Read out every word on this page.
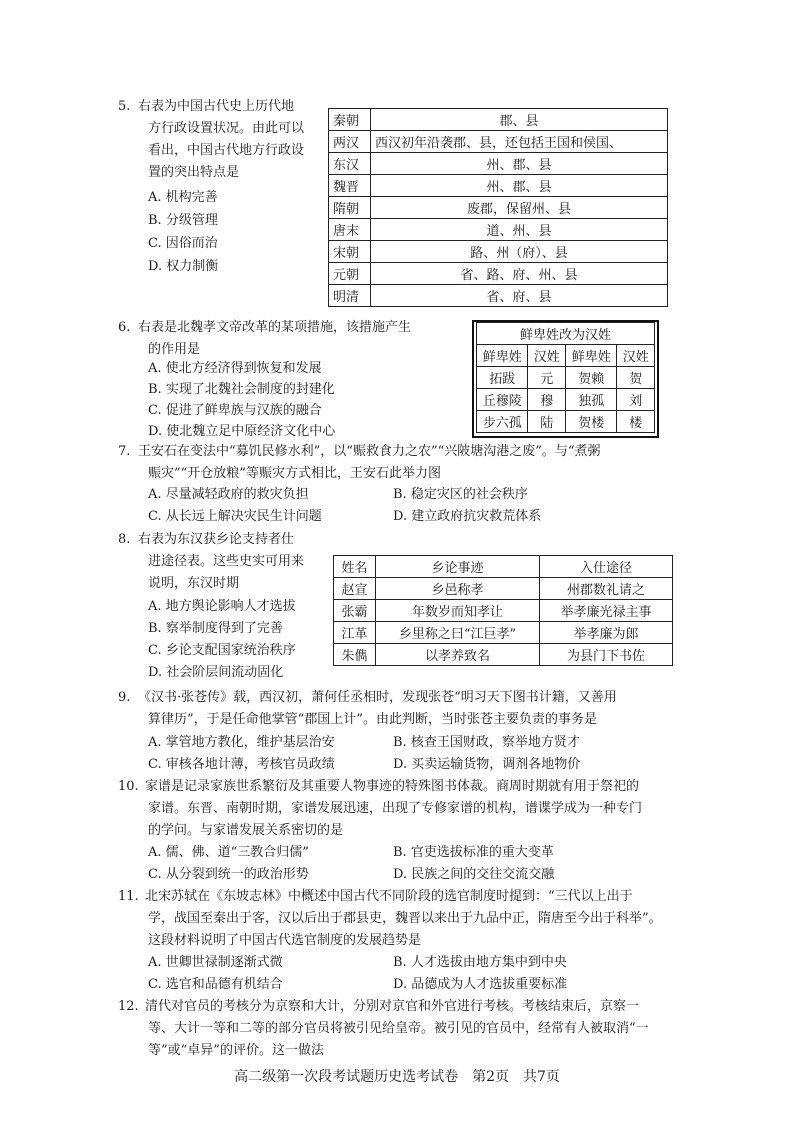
5. 右表为中国古代史上历代地
方行政设置状况。由此可以
看出，中国古代地方行政设
置的突出特点是
A. 机构完善
B. 分级管理
C. 因俗而治
D. 权力制衡
秦朝	郡、县
两汉	西汉初年沿袭郡、县，还包括王国和侯国、
东汉	州、郡、县
魏晋	州、郡、县
隋朝	废郡，保留州、县
唐末	道、州、县
宋朝	路、州（府）、县
元朝	省、路、府、州、县
明清	省、府、县
6. 右表是北魏孝文帝改革的某项措施，该措施产生
的作用是
A. 使北方经济得到恢复和发展
B. 实现了北魏社会制度的封建化
C. 促进了鲜卑族与汉族的融合
D. 使北魏立足中原经济文化中心
鲜卑姓改为汉姓			
鲜卑姓	汉姓	鲜卑姓	汉姓
拓跋	元	贺赖	贺
丘穆陵	穆	独孤	刘
步六孤	陆	贺楼	楼
7. 王安石在变法中“募饥民修水利”，以“赈救食力之农”“兴陂塘沟港之废”。与“煮粥
赈灾”“开仓放粮”等赈灾方式相比，王安石此举力图
A. 尽量减轻政府的救灾负担	B. 稳定灾区的社会秩序
C. 从长远上解决灾民生计问题	D. 建立政府抗灾救荒体系
8. 右表为东汉获乡论支持者仕
进途径表。这些史实可用来
说明，东汉时期
A. 地方舆论影响人才选拔
B. 察举制度得到了完善
C. 乡论支配国家统治秩序
D. 社会阶层间流动固化
姓名	乡论事迹	入仕途径
赵宣	乡邑称孝	州郡数礼请之
张霸	年数岁而知孝让	举孝廉光禄主事
江革	乡里称之曰“江巨孝”	举孝廉为郎
朱儁	以孝养致名	为县门下书佐
9. 《汉书·张苍传》载，西汉初，萧何任丞相时，发现张苍“明习天下图书计籍，又善用
算律历”，于是任命他掌管“郡国上计”。由此判断，当时张苍主要负责的事务是
A. 掌管地方教化，维护基层治安	B. 核查王国财政，察举地方贤才
C. 审核各地计薄，考核官员政绩	D. 买卖运输货物，调剂各地物价
10. 家谱是记录家族世系繁衍及其重要人物事迹的特殊图书体裁。商周时期就有用于祭祀的
家谱。东晋、南朝时期，家谱发展迅速，出现了专修家谱的机构，谱谍学成为一种专门
的学问。与家谱发展关系密切的是
A. 儒、佛、道“三教合归儒”	B. 官吏选拔标准的重大变革
C. 从分裂到统一的政治形势	D. 民族之间的交往交流交融
11. 北宋苏轼在《东坡志林》中概述中国古代不同阶段的选官制度时提到：“三代以上出于
学，战国至秦出于客，汉以后出于郡县吏，魏晋以来出于九品中正，隋唐至今出于科举”。
这段材料说明了中国古代选官制度的发展趋势是
A. 世卿世禄制逐渐式微	B. 人才选拔由地方集中到中央
C. 选官和品德有机结合	D. 品德成为人才选拔重要标准
12. 清代对官员的考核分为京察和大计，分别对京官和外官进行考核。考核结束后，京察一
等、大计一等和二等的部分官员将被引见给皇帝。被引见的官员中，经常有人被取消“一
等”或“卓异”的评价。这一做法
高二级第一次段考试题历史选考试卷　第2页　共7页
